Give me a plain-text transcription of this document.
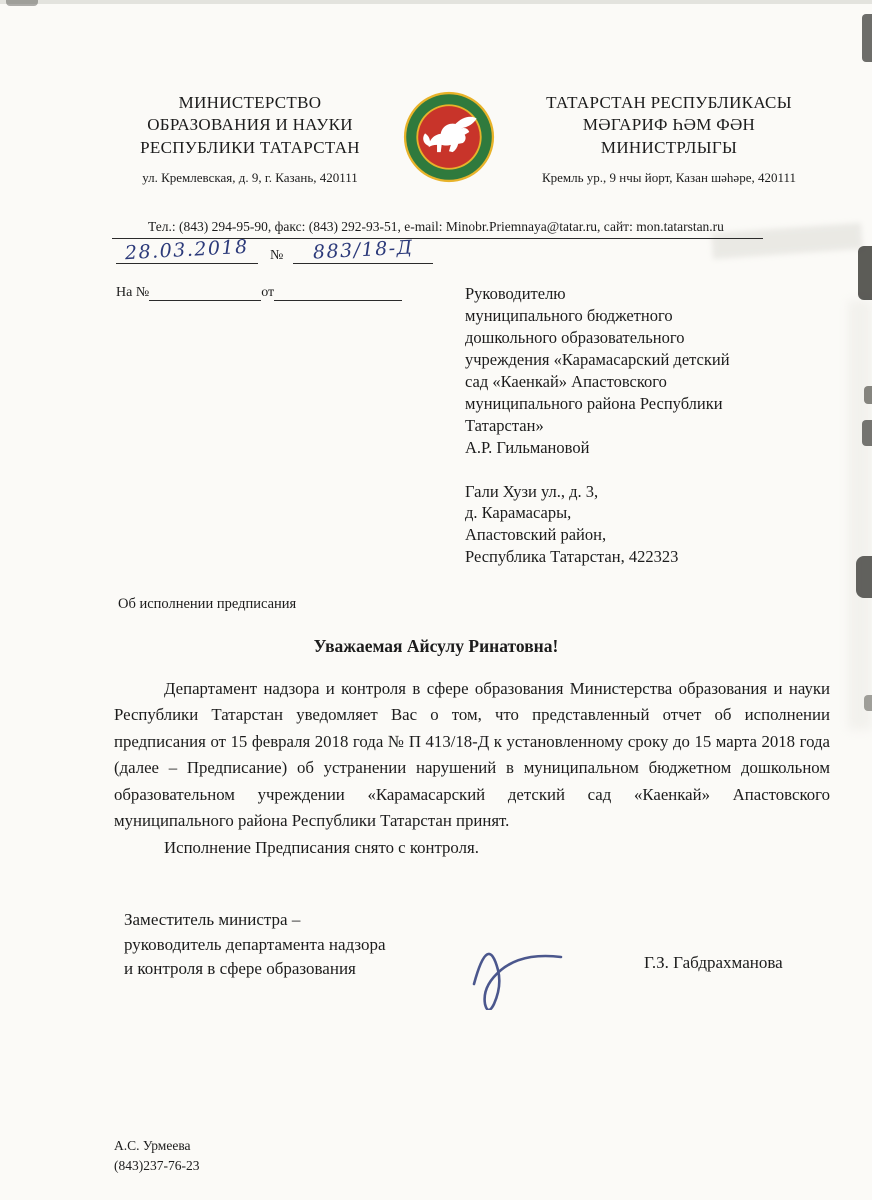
МИНИСТЕРСТВО
ОБРАЗОВАНИЯ И НАУКИ
РЕСПУБЛИКИ ТАТАРСТАН
ул. Кремлевская, д. 9, г. Казань, 420111
ТАТАРСТАН РЕСПУБЛИКАСЫ
МӘГАРИФ ҺӘМ ФӘН
МИНИСТРЛЫГЫ
Кремль ур., 9 нчы йорт, Казан шәһәре, 420111
Тел.: (843) 294-95-90, факс: (843) 292-93-51, e-mail: Minobr.Priemnaya@tatar.ru, сайт: mon.tatarstan.ru
28.03.2018	№	883/18-Д
На №	от	Руководителю
муниципального бюджетного
дошкольного образовательного
учреждения «Карамасарский детский
сад «Каенкай» Апастовского
муниципального района Республики
Татарстан»
А.Р. Гильмановой
Гали Хузи ул., д. 3,
д. Карамасары,
Апастовский район,
Республика Татарстан, 422323
Об исполнении предписания
Уважаемая Айсулу Ринатовна!

Департамент надзора и контроля в сфере образования Министерства образования и науки Республики Татарстан уведомляет Вас о том, что представленный отчет об исполнении предписания от 15 февраля 2018 года № П 413/18-Д к установленному сроку до 15 марта 2018 года (далее – Предписание) об устранении нарушений в муниципальном бюджетном дошкольном образовательном учреждении «Карамасарский детский сад «Каенкай» Апастовского муниципального района Республики Татарстан принят.

Исполнение Предписания снято с контроля.

Заместитель министра –
руководитель департамента надзора
и контроля в сфере образования	Г.З. Габдрахманова
А.С. Урмеева
(843)237-76-23
